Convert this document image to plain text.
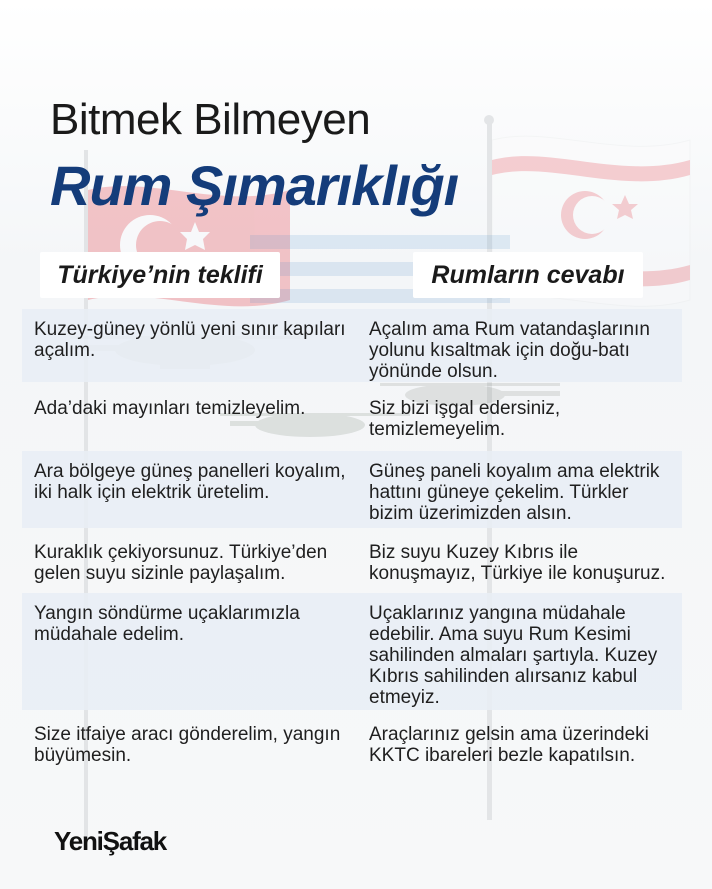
Bitmek Bilmeyen
Rum Şımarıklığı
Türkiye’nin teklifi	Rumların cevabı
Kuzey-güney yönlü yeni sınır kapıları açalım.
Açalım ama Rum vatandaşlarının yolunu kısaltmak için doğu-batı yönünde olsun.
Ada’daki mayınları temizleyelim.	Siz bizi işgal edersiniz, temizlemeyelim.
Ara bölgeye güneş panelleri koyalım, iki halk için elektrik üretelim.
Güneş paneli koyalım ama elektrik hattını güneye çekelim. Türkler bizim üzerimizden alsın.
Kuraklık çekiyorsunuz. Türkiye’den gelen suyu sizinle paylaşalım.
Biz suyu Kuzey Kıbrıs ile konuşmayız, Türkiye ile konuşuruz.
Yangın söndürme uçaklarımızla müdahale edelim.
Uçaklarınız yangına müdahale edebilir. Ama suyu Rum Kesimi sahilinden almaları şartıyla. Kuzey Kıbrıs sahilinden alırsanız kabul etmeyiz.
Size itfaiye aracı gönderelim, yangın büyümesin.
Araçlarınız gelsin ama üzerindeki KKTC ibareleri bezle kapatılsın.
YeniŞafak
